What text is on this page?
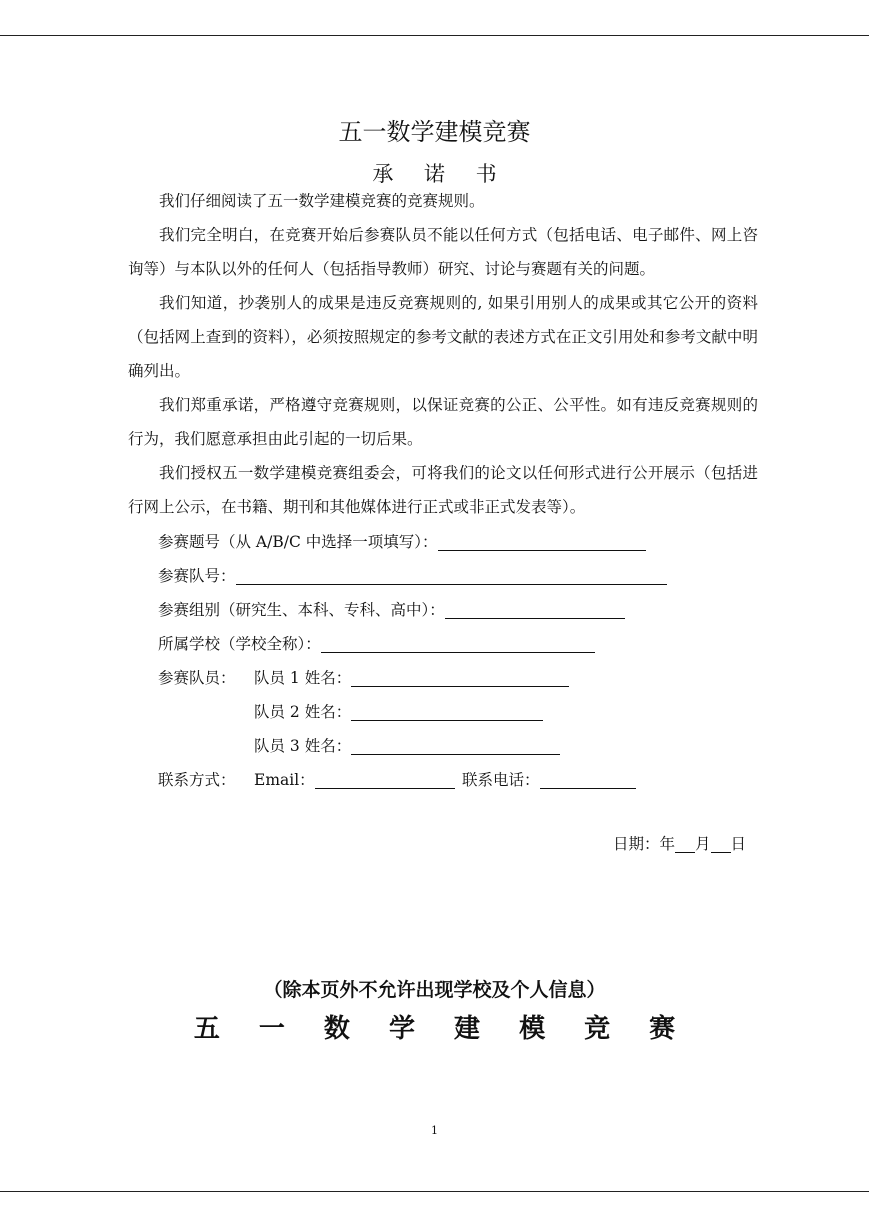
五一数学建模竞赛
承 诺 书

我们仔细阅读了五一数学建模竞赛的竞赛规则。

我们完全明白，在竞赛开始后参赛队员不能以任何方式（包括电话、电子邮件、网上咨询等）与本队以外的任何人（包括指导教师）研究、讨论与赛题有关的问题。

我们知道，抄袭别人的成果是违反竞赛规则的, 如果引用别人的成果或其它公开的资料（包括网上查到的资料），必须按照规定的参考文献的表述方式在正文引用处和参考文献中明确列出。

我们郑重承诺，严格遵守竞赛规则，以保证竞赛的公正、公平性。如有违反竞赛规则的行为，我们愿意承担由此引起的一切后果。

我们授权五一数学建模竞赛组委会，可将我们的论文以任何形式进行公开展示（包括进行网上公示，在书籍、期刊和其他媒体进行正式或非正式发表等）。

参赛题号（从 A/B/C 中选择一项填写）：
参赛队号：
参赛组别（研究生、本科、专科、高中）：
所属学校（学校全称）：
参赛队员： 队员 1 姓名：
队员 2 姓名：
队员 3 姓名：
联系方式： Email：	联系电话：
日期：年 月 日
（除本页外不允许出现学校及个人信息）
五 一 数 学 建 模 竞 赛
1
